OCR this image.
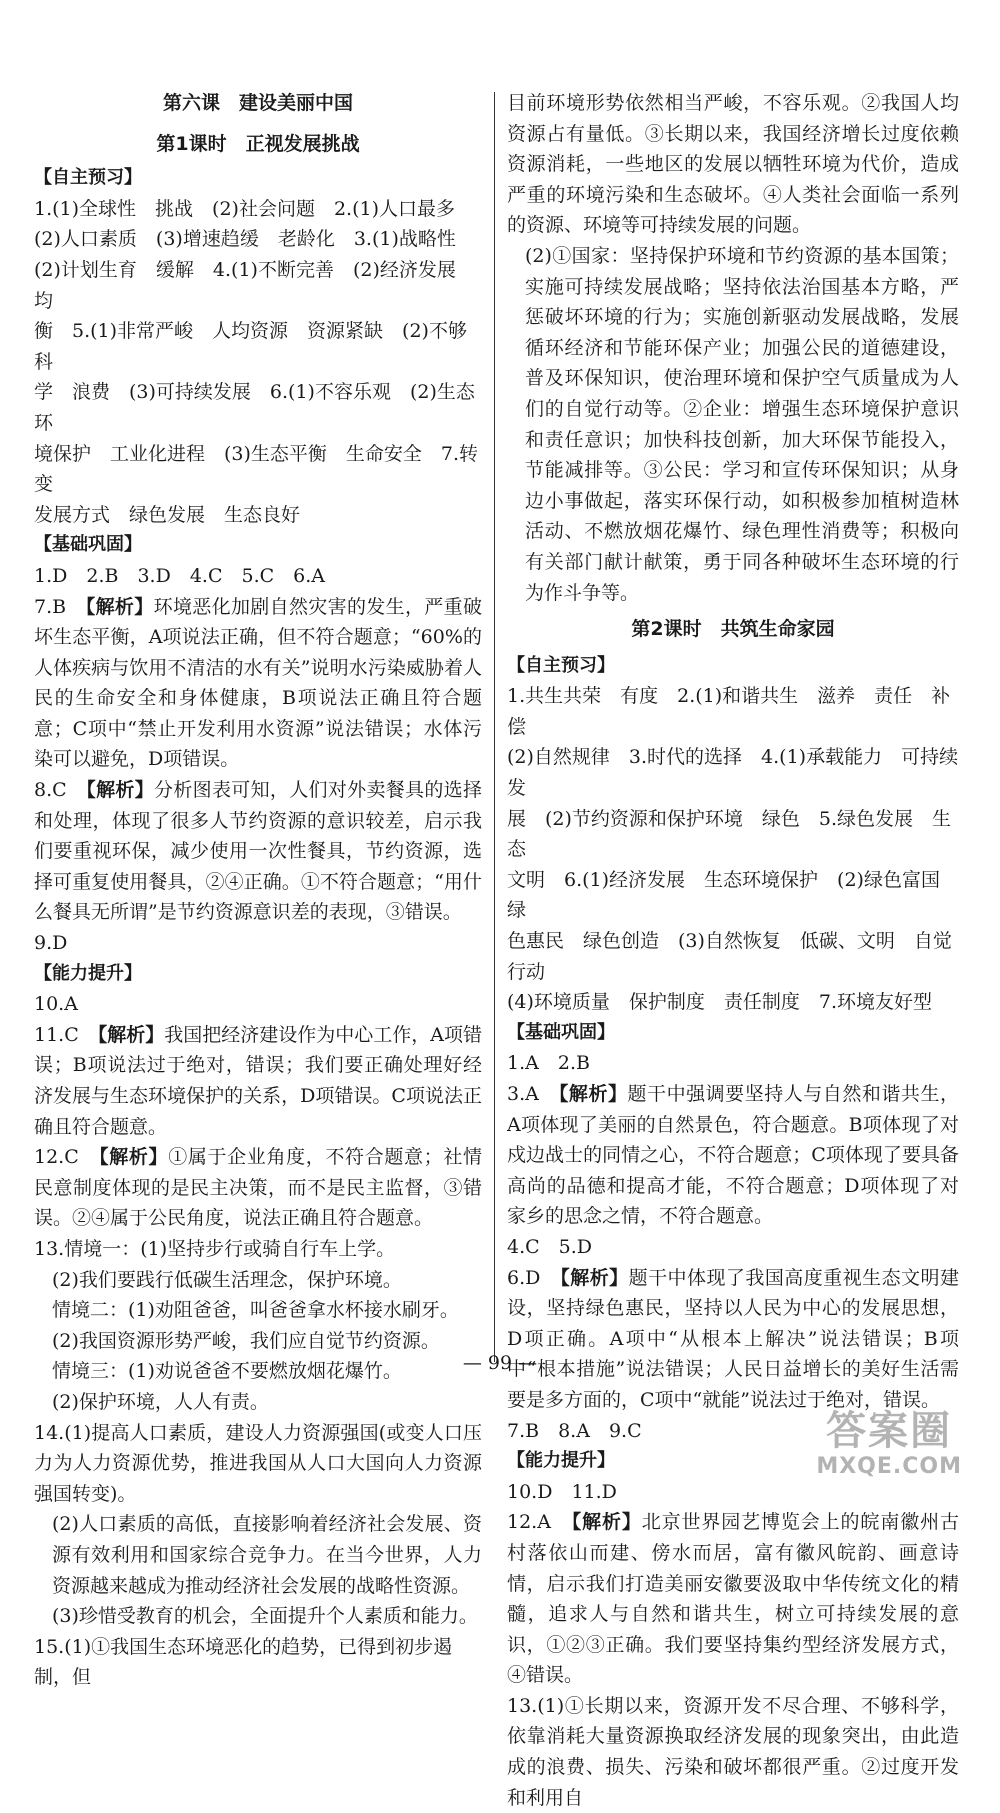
第六课　建设美丽中国
第1课时　正视发展挑战
【自主预习】
1.(1)全球性　挑战　(2)社会问题　2.(1)人口最多
(2)人口素质　(3)增速趋缓　老龄化　3.(1)战略性
(2)计划生育　缓解　4.(1)不断完善　(2)经济发展　均
衡　5.(1)非常严峻　人均资源　资源紧缺　(2)不够科
学　浪费　(3)可持续发展　6.(1)不容乐观　(2)生态环
境保护　工业化进程　(3)生态平衡　生命安全　7.转变
发展方式　绿色发展　生态良好
【基础巩固】
1.D　2.B　3.D　4.C　5.C　6.A
7.B　【解析】环境恶化加剧自然灾害的发生，严重破坏生态平衡，A项说法正确，但不符合题意；“60%的人体疾病与饮用不清洁的水有关”说明水污染威胁着人民的生命安全和身体健康，B项说法正确且符合题意；C项中“禁止开发利用水资源”说法错误；水体污染可以避免，D项错误。
8.C　【解析】分析图表可知，人们对外卖餐具的选择和处理，体现了很多人节约资源的意识较差，启示我们要重视环保，减少使用一次性餐具，节约资源，选择可重复使用餐具，②④正确。①不符合题意；“用什么餐具无所谓”是节约资源意识差的表现，③错误。
9.D
【能力提升】
10.A
11.C　【解析】我国把经济建设作为中心工作，A项错误；B项说法过于绝对，错误；我们要正确处理好经济发展与生态环境保护的关系，D项错误。C项说法正确且符合题意。
12.C　【解析】①属于企业角度，不符合题意；社情民意制度体现的是民主决策，而不是民主监督，③错误。②④属于公民角度，说法正确且符合题意。
13.情境一：(1)坚持步行或骑自行车上学。
(2)我们要践行低碳生活理念，保护环境。
情境二：(1)劝阻爸爸，叫爸爸拿水杯接水刷牙。
(2)我国资源形势严峻，我们应自觉节约资源。
情境三：(1)劝说爸爸不要燃放烟花爆竹。
(2)保护环境，人人有责。
14.(1)提高人口素质，建设人力资源强国(或变人口压力为人力资源优势，推进我国从人口大国向人力资源强国转变)。
(2)人口素质的高低，直接影响着经济社会发展、资源有效利用和国家综合竞争力。在当今世界，人力资源越来越成为推动经济社会发展的战略性资源。
(3)珍惜受教育的机会，全面提升个人素质和能力。
15.(1)①我国生态环境恶化的趋势，已得到初步遏制，但
目前环境形势依然相当严峻，不容乐观。②我国人均资源占有量低。③长期以来，我国经济增长过度依赖资源消耗，一些地区的发展以牺牲环境为代价，造成严重的环境污染和生态破坏。④人类社会面临一系列的资源、环境等可持续发展的问题。
(2)①国家：坚持保护环境和节约资源的基本国策；实施可持续发展战略；坚持依法治国基本方略，严惩破坏环境的行为；实施创新驱动发展战略，发展循环经济和节能环保产业；加强公民的道德建设，普及环保知识，使治理环境和保护空气质量成为人们的自觉行动等。②企业：增强生态环境保护意识和责任意识；加快科技创新，加大环保节能投入，节能减排等。③公民：学习和宣传环保知识；从身边小事做起，落实环保行动，如积极参加植树造林活动、不燃放烟花爆竹、绿色理性消费等；积极向有关部门献计献策，勇于同各种破坏生态环境的行为作斗争等。
第2课时　共筑生命家园
【自主预习】
1.共生共荣　有度　2.(1)和谐共生　滋养　责任　补偿
(2)自然规律　3.时代的选择　4.(1)承载能力　可持续发
展　(2)节约资源和保护环境　绿色　5.绿色发展　生态
文明　6.(1)经济发展　生态环境保护　(2)绿色富国　绿
色惠民　绿色创造　(3)自然恢复　低碳、文明　自觉行动
(4)环境质量　保护制度　责任制度　7.环境友好型
【基础巩固】
1.A　2.B
3.A　【解析】题干中强调要坚持人与自然和谐共生，A项体现了美丽的自然景色，符合题意。B项体现了对戍边战士的同情之心，不符合题意；C项体现了要具备高尚的品德和提高才能，不符合题意；D项体现了对家乡的思念之情，不符合题意。
4.C　5.D
6.D　【解析】题干中体现了我国高度重视生态文明建设，坚持绿色惠民，坚持以人民为中心的发展思想，D项正确。A项中“从根本上解决”说法错误；B项中“根本措施”说法错误；人民日益增长的美好生活需要是多方面的，C项中“就能”说法过于绝对，错误。
7.B　8.A　9.C
【能力提升】
10.D　11.D
12.A　【解析】北京世界园艺博览会上的皖南徽州古村落依山而建、傍水而居，富有徽风皖韵、画意诗情，启示我们打造美丽安徽要汲取中华传统文化的精髓，追求人与自然和谐共生，树立可持续发展的意识，①②③正确。我们要坚持集约型经济发展方式，④错误。
13.(1)①长期以来，资源开发不尽合理、不够科学，依靠消耗大量资源换取经济发展的现象突出，由此造成的浪费、损失、污染和破坏都很严重。②过度开发和利用自
— 99 —
答案圈
MXQE.COM
